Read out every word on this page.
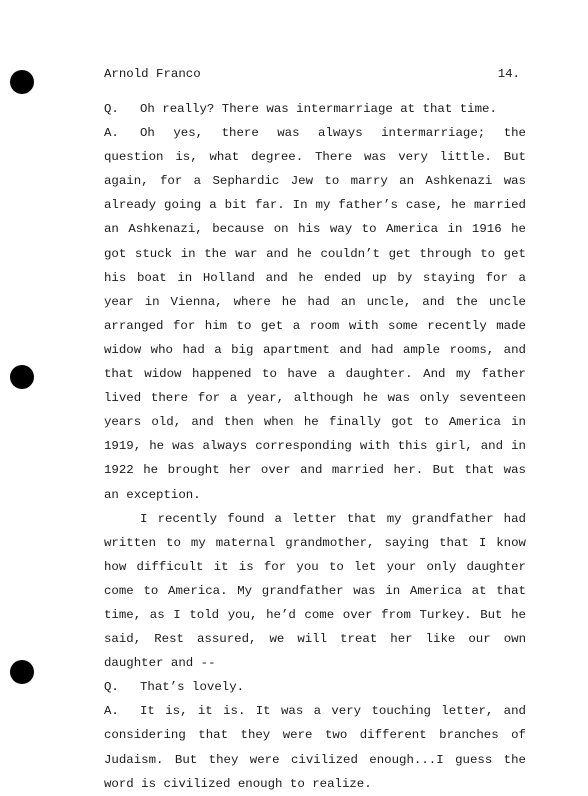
Arnold Franco	14.

Q. Oh really? There was intermarriage at that time.

A. Oh yes, there was always intermarriage; the question is, what degree. There was very little. But again, for a Sephardic Jew to marry an Ashkenazi was already going a bit far. In my father’s case, he married an Ashkenazi, because on his way to America in 1916 he got stuck in the war and he couldn’t get through to get his boat in Holland and he ended up by staying for a year in Vienna, where he had an uncle, and the uncle arranged for him to get a room with some recently made widow who had a big apartment and had ample rooms, and that widow happened to have a daughter. And my father lived there for a year, although he was only seventeen years old, and then when he finally got to America in 1919, he was always corresponding with this girl, and in 1922 he brought her over and married her. But that was an exception.

I recently found a letter that my grandfather had written to my maternal grandmother, saying that I know how difficult it is for you to let your only daughter come to America. My grandfather was in America at that time, as I told you, he’d come over from Turkey. But he said, Rest assured, we will treat her like our own daughter and --

Q. That’s lovely.

A. It is, it is. It was a very touching letter, and considering that they were two different branches of Judaism. But they were civilized enough...I guess the word is civilized enough to realize.
